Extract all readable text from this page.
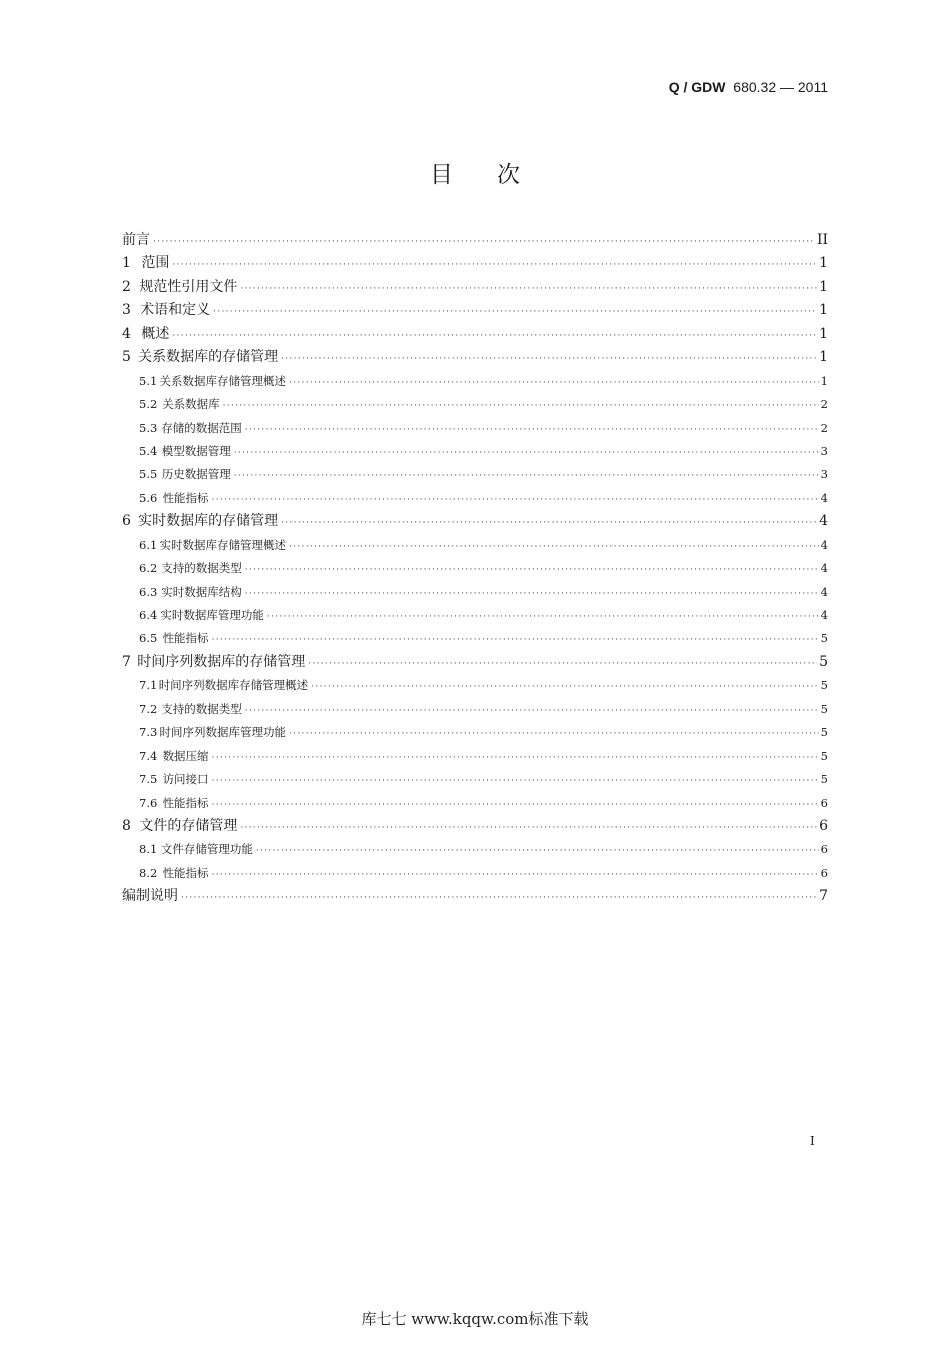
Q / GDW 680.32 — 2011
目次
前言 ·····	II
1 范围 ·····	1
2 规范性引用文件 ·····	1
3 术语和定义 ·····	1
4 概述 ·····	1
5 关系数据库的存储管理 ·····	1
5.1 关系数据库存储管理概述 ·····	1
5.2 关系数据库 ·····	2
5.3 存储的数据范围 ·····	2
5.4 模型数据管理 ·····	3
5.5 历史数据管理 ·····	3
5.6 性能指标 ·····	4
6 实时数据库的存储管理 ·····	4
6.1 实时数据库存储管理概述 ·····	4
6.2 支持的数据类型 ·····	4
6.3 实时数据库结构 ·····	4
6.4 实时数据库管理功能 ·····	4
6.5 性能指标 ·····	5
7 时间序列数据库的存储管理 ·····	5
7.1 时间序列数据库存储管理概述 ·····	5
7.2 支持的数据类型 ·····	5
7.3 时间序列数据库管理功能 ·····	5
7.4 数据压缩 ·····	5
7.5 访问接口 ·····	5
7.6 性能指标 ·····	6
8 文件的存储管理 ·····	6
8.1 文件存储管理功能 ·····	6
8.2 性能指标 ·····	6
编制说明 ·····	7
I
库七七 www.kqqw.com标准下载
